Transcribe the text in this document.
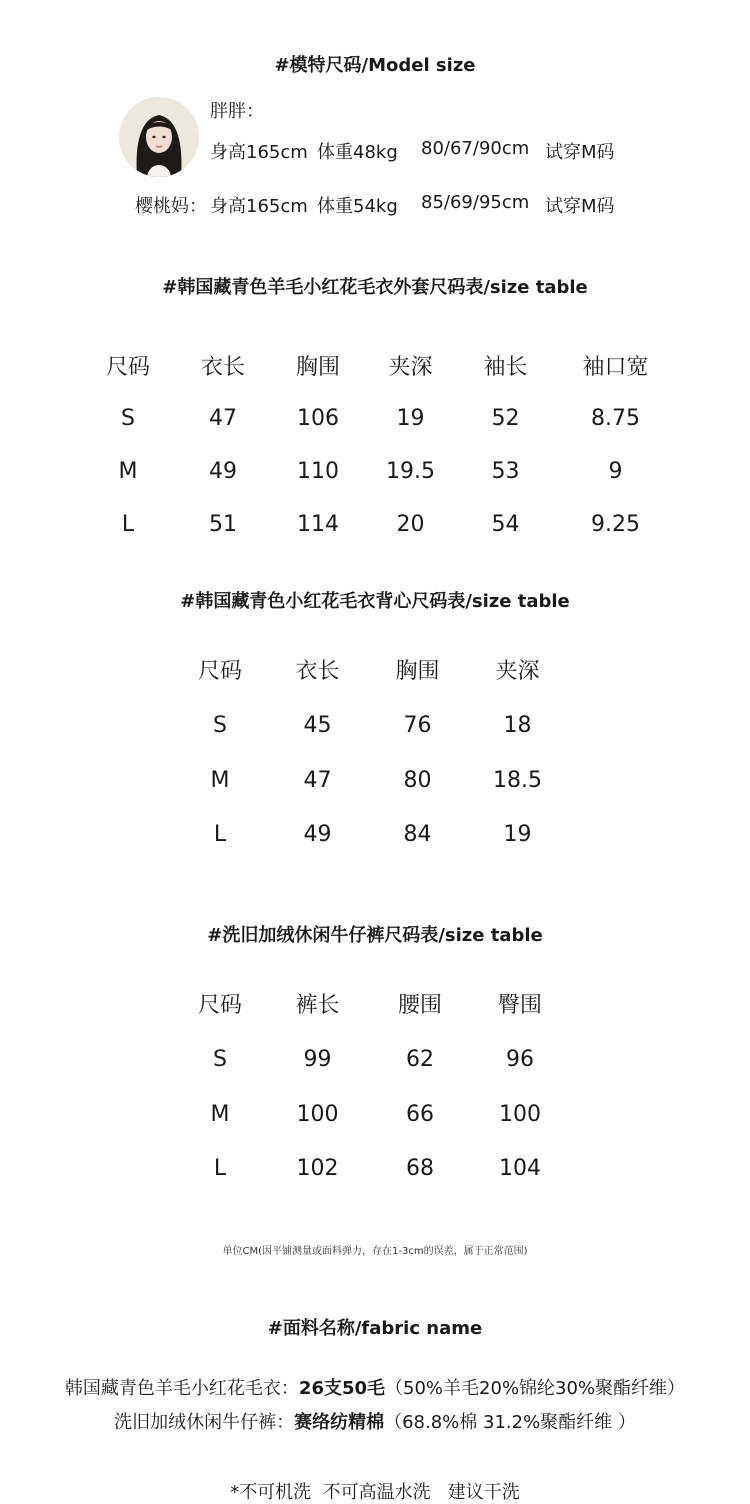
#模特尺码/Model size
胖胖：
身高165cm 体重48kg 80/67/90cm 试穿M码
樱桃妈： 身高165cm 体重54kg 85/69/95cm 试穿M码
#韩国藏青色羊毛小红花毛衣外套尺码表/size table
尺码	衣长	胸围	夹深	袖长	袖口宽
S	47	106	19	52	8.75
M	49	110	19.5	53	9
L	51	114	20	54	9.25
#韩国藏青色小红花毛衣背心尺码表/size table
尺码	衣长	胸围	夹深
S	45	76	18
M	47	80	18.5
L	49	84	19
#洗旧加绒休闲牛仔裤尺码表/size table
尺码	裤长	腰围	臀围
S	99	62	96
M	100	66	100
L	102	68	104
单位CM(因平铺测量或面料弹力，存在1-3cm的误差，属于正常范围)
#面料名称/fabric name
韩国藏青色羊毛小红花毛衣：26支50毛（50%羊毛20%锦纶30%聚酯纤维）
洗旧加绒休闲牛仔裤：赛络纺精棉（68.8%棉 31.2%聚酯纤维 ）
*不可机洗  不可高温水洗   建议干洗
